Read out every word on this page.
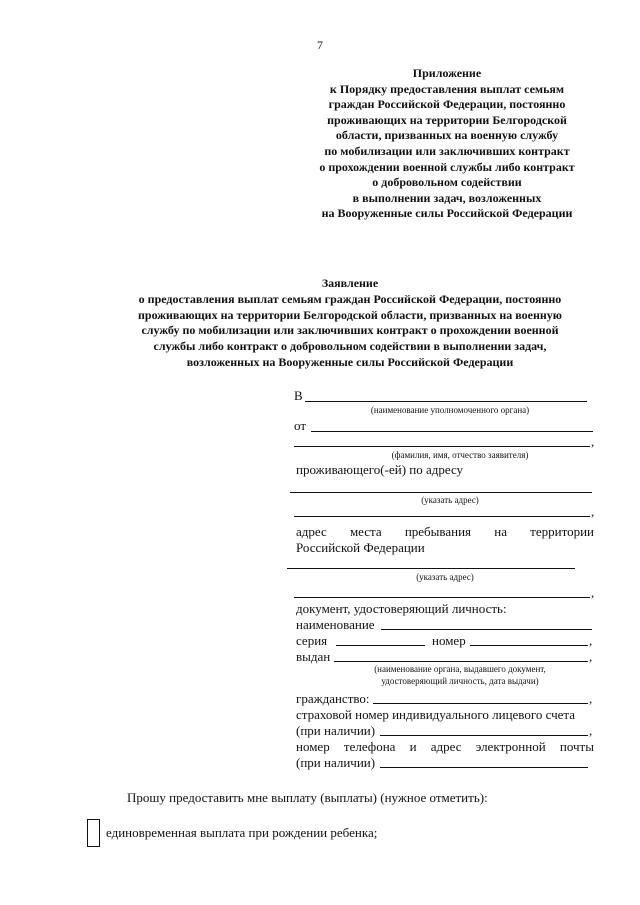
7
Приложение
к Порядку предоставления выплат семьям
граждан Российской Федерации, постоянно
проживающих на территории Белгородской
области, призванных на военную службу
по мобилизации или заключивших контракт
о прохождении военной службы либо контракт
о добровольном содействии
в выполнении задач, возложенных
на Вооруженные силы Российской Федерации
Заявление
о предоставления выплат семьям граждан Российской Федерации, постоянно
проживающих на территории Белгородской области, призванных на военную
службу по мобилизации или заключивших контракт о прохождении военной
службы либо контракт о добровольном содействии в выполнении задач,
возложенных на Вооруженные силы Российской Федерации
В
(наименование уполномоченного органа)
от
,
(фамилия, имя, отчество заявителя)
проживающего(-ей) по адресу
(указать адрес)
,
адрес места пребывания на территории
Российской Федерации
(указать адрес)
,
документ, удостоверяющий личность:
наименование
серия	номер	,
выдан	,
(наименование органа, выдавшего документ,
удостоверяющий личность, дата выдачи)
гражданство:	,
страховой номер индивидуального лицевого счета
(при наличии)	,
номер телефона и адрес электронной почты
(при наличии)
Прошу предоставить мне выплату (выплаты) (нужное отметить):
единовременная выплата при рождении ребенка;
